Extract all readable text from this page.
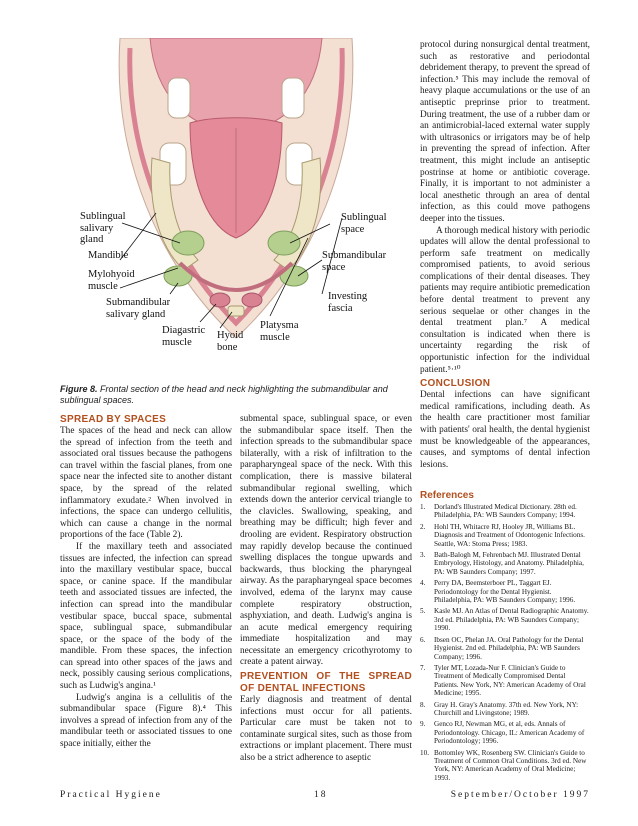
Sublingual
salivary
gland
Sublingual
space
Mandible	Submandibular
space
Mylohyoid
muscle
Investing
fascia
Submandibular
salivary gland
Platysma
muscle
Diagastric
muscle
Hyoid
bone
Figure 8. Frontal section of the head and neck highlighting the submandibular and sublingual spaces.

SPREAD BY SPACES

The spaces of the head and neck can allow the spread of infection from the teeth and associated oral tissues because the pathogens can travel within the fascial planes, from one space near the infected site to another distant space, by the spread of the related inflammatory exudate.² When involved in infections, the space can undergo cellulitis, which can cause a change in the normal proportions of the face (Table 2).

If the maxillary teeth and associated tissues are infected, the infection can spread into the maxillary vestibular space, buccal space, or canine space. If the mandibular teeth and associated tissues are infected, the infection can spread into the mandibular vestibular space, buccal space, submental space, sublingual space, submandibular space, or the space of the body of the mandible. From these spaces, the infection can spread into other spaces of the jaws and neck, possibly causing serious complications, such as Ludwig's angina.¹

Ludwig's angina is a cellulitis of the submandibular space (Figure 8).⁴ This involves a spread of infection from any of the mandibular teeth or associated tissues to one space initially, either the

submental space, sublingual space, or even the submandibular space itself. Then the infection spreads to the submandibular space bilaterally, with a risk of infiltration to the parapharyngeal space of the neck. With this complication, there is massive bilateral submandibular regional swelling, which extends down the anterior cervical triangle to the clavicles. Swallowing, speaking, and breathing may be difficult; high fever and drooling are evident. Respiratory obstruction may rapidly develop because the continued swelling displaces the tongue upwards and backwards, thus blocking the pharyngeal airway. As the parapharyngeal space becomes involved, edema of the larynx may cause complete respiratory obstruction, asphyxiation, and death. Ludwig's angina is an acute medical emergency requiring immediate hospitalization and may necessitate an emergency cricothyrotomy to create a patent airway.

PREVENTION OF THE SPREAD OF DENTAL INFECTIONS

Early diagnosis and treatment of dental infections must occur for all patients. Particular care must be taken not to contaminate surgical sites, such as those from extractions or implant placement. There must also be a strict adherence to aseptic

protocol during nonsurgical dental treatment, such as restorative and periodontal debridement therapy, to prevent the spread of infection.⁵ This may include the removal of heavy plaque accumulations or the use of an antiseptic preprinse prior to treatment. During treatment, the use of a rubber dam or an antimicrobial-laced external water supply with ultrasonics or irrigators may be of help in preventing the spread of infection. After treatment, this might include an antiseptic postrinse at home or antibiotic coverage. Finally, it is important to not administer a local anesthetic through an area of dental infection, as this could move pathogens deeper into the tissues.

A thorough medical history with periodic updates will allow the dental professional to perform safe treatment on medically compromised patients, to avoid serious complications of their dental diseases. They patients may require antibiotic premedication before dental treatment to prevent any serious sequelae or other changes in the dental treatment plan.⁷ A medical consultation is indicated when there is uncertainty regarding the risk of opportunistic infection for the individual patient.⁵·¹⁰

CONCLUSION

Dental infections can have significant medical ramifications, including death. As the health care practitioner most familiar with patients' oral health, the dental hygienist must be knowledgeable of the appearances, causes, and symptoms of dental infection lesions.

References

1. Dorland's Illustrated Medical Dictionary. 28th ed. Philadelphia, PA: WB Saunders Company; 1994.
2. Hohl TH, Whitacre RJ, Hooley JR, Williams BL. Diagnosis and Treatment of Odontogenic Infections. Seattle, WA: Stoma Press; 1983.
3. Bath-Balogh M, Fehrenbach MJ. Illustrated Dental Embryology, Histology, and Anatomy. Philadelphia, PA: WB Saunders Company; 1997.
4. Perry DA, Beemsterboer PL, Taggart EJ. Periodontology for the Dental Hygienist. Philadelphia, PA: WB Saunders Company; 1996.
5. Kasle MJ. An Atlas of Dental Radiographic Anatomy. 3rd ed. Philadelphia, PA: WB Saunders Company; 1990.
6. Ibsen OC, Phelan JA. Oral Pathology for the Dental Hygienist. 2nd ed. Philadelphia, PA: WB Saunders Company; 1996.
7. Tyler MT, Lozada-Nur F. Clinician's Guide to Treatment of Medically Compromised Dental Patients. New York, NY: American Academy of Oral Medicine; 1995.
8. Gray H. Gray's Anatomy. 37th ed. New York, NY: Churchill and Livingstone; 1989.
9. Genco RJ, Newman MG, et al, eds. Annals of Periodontology. Chicago, IL: American Academy of Periodontology; 1996.
10. Bottomley WK, Rosenberg SW. Clinician's Guide to Treatment of Common Oral Conditions. 3rd ed. New York, NY: American Academy of Oral Medicine; 1993.
Practical Hygiene	18	September/October 1997
